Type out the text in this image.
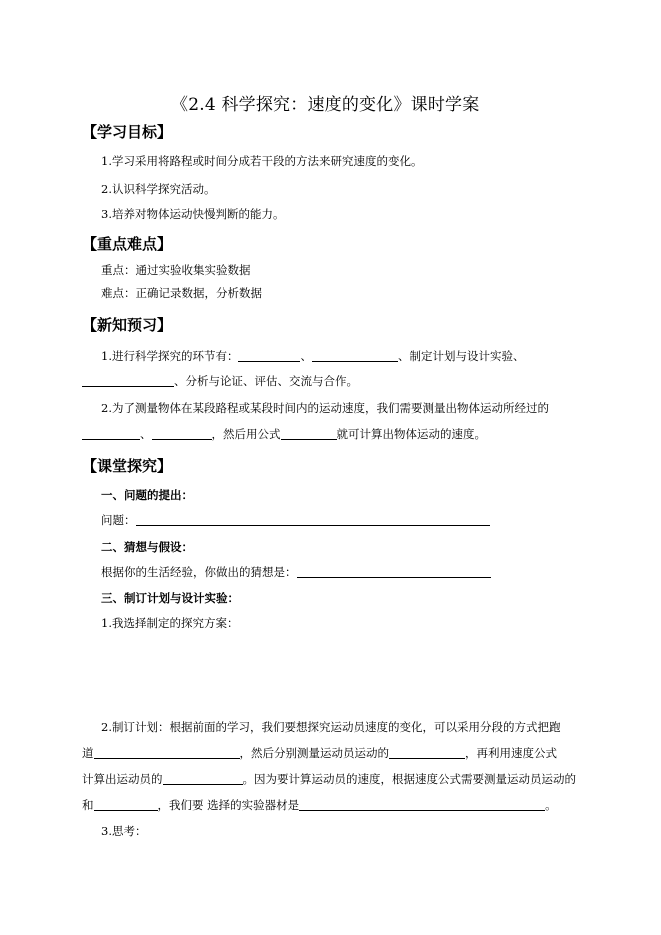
《2.4 科学探究：速度的变化》课时学案
【学习目标】
1.学习采用将路程或时间分成若干段的方法来研究速度的变化。
2.认识科学探究活动。
3.培养对物体运动快慢判断的能力。
【重点难点】
重点：通过实验收集实验数据
难点：正确记录数据，分析数据
【新知预习】
1.进行科学探究的环节有：	、	、制定计划与设计实验、
、分析与论证、评估、交流与合作。
2.为了测量物体在某段路程或某段时间内的运动速度，我们需要测量出物体运动所经过的
、	，然后用公式	就可计算出物体运动的速度。
【课堂探究】
一、问题的提出：
问题：
二、猜想与假设：
根据你的生活经验，你做出的猜想是：
三、制订计划与设计实验：
1.我选择制定的探究方案：
2.制订计划：根据前面的学习，我们要想探究运动员速度的变化，可以采用分段的方式把跑
道	，然后分别测量运动员运动的	，再利用速度公式
计算出运动员的	。因为要计算运动员的速度，根据速度公式需要测量运动员运动的
和	，我们要 选择的实验器材是	。
3.思考：
